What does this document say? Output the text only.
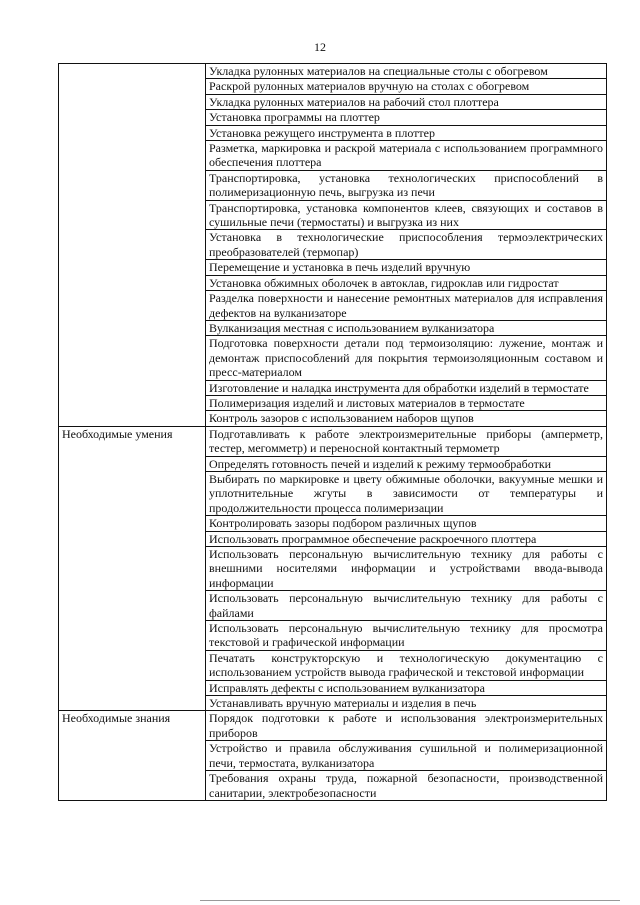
12
	Укладка рулонных материалов на специальные столы с обогревом
	Раскрой рулонных материалов вручную на столах с обогревом
	Укладка рулонных материалов на рабочий стол плоттера
	Установка программы на плоттер
	Установка режущего инструмента в плоттер
	Разметка, маркировка и раскрой материала с использованием программного обеспечения плоттера
	Транспортировка, установка технологических приспособлений в полимеризационную печь, выгрузка из печи
	Транспортировка, установка компонентов клеев, связующих и составов в сушильные печи (термостаты) и выгрузка из них
	Установка в технологические приспособления термоэлектрических преобразователей (термопар)
	Перемещение и установка в печь изделий вручную
	Установка обжимных оболочек в автоклав, гидроклав или гидростат
	Разделка поверхности и нанесение ремонтных материалов для исправления дефектов на вулканизаторе
	Вулканизация местная с использованием вулканизатора
	Подготовка поверхности детали под термоизоляцию: лужение, монтаж и демонтаж приспособлений для покрытия термоизоляционным составом и пресс-материалом
	Изготовление и наладка инструмента для обработки изделий в термостате
	Полимеризация изделий и листовых материалов в термостате
	Контроль зазоров с использованием наборов щупов
Необходимые умения	Подготавливать к работе электроизмерительные приборы (амперметр, тестер, мегомметр) и переносной контактный термометр
	Определять готовность печей и изделий к режиму термообработки
	Выбирать по маркировке и цвету обжимные оболочки, вакуумные мешки и уплотнительные жгуты в зависимости от температуры и продолжительности процесса полимеризации
	Контролировать зазоры подбором различных щупов
	Использовать программное обеспечение раскроечного плоттера
	Использовать персональную вычислительную технику для работы с внешними носителями информации и устройствами ввода-вывода информации
	Использовать персональную вычислительную технику для работы с файлами
	Использовать персональную вычислительную технику для просмотра текстовой и графической информации
	Печатать конструкторскую и технологическую документацию с использованием устройств вывода графической и текстовой информации
	Исправлять дефекты с использованием вулканизатора
	Устанавливать вручную материалы и изделия в печь
Необходимые знания	Порядок подготовки к работе и использования электроизмерительных приборов
	Устройство и правила обслуживания сушильной и полимеризационной печи, термостата, вулканизатора
	Требования охраны труда, пожарной безопасности, производственной санитарии, электробезопасности
